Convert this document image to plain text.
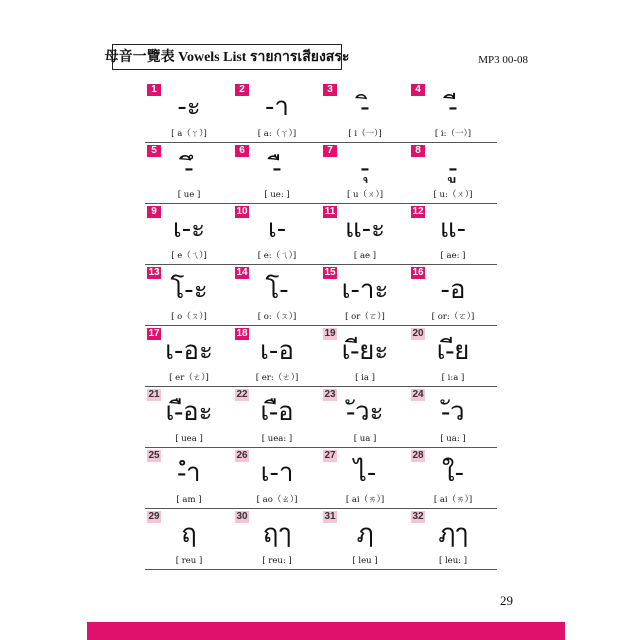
母音一覽表 Vowels List รายการเสียงสระ	MP3 00-08
1
-ะ
[ a（ㄚ）]
2
-า
[ a:（ㄚ）]
3
-ิ
[ i（一）]
4
-ี
[ i:（一）]
5
-ึ
[ ue ]
6
-ื
[ ue: ]
7
-ุ
[ u（ㄨ）]
8
-ู
[ u:（ㄨ）]
9
เ-ะ
[ e（ㄟ）]
10
เ-
[ e:（ㄟ）]
11
แ-ะ
[ ae ]
12
แ-
[ ae: ]
13
โ-ะ
[ o（ㄡ）]
14
โ-
[ o:（ㄡ）]
15
เ-าะ
[ or（ㄛ）]
16
-อ
[ or:（ㄛ）]
17
เ-อะ
[ er（ㄜ）]
18
เ-อ
[ er:（ㄜ）]
19
เ-ียะ
[ ia ]
20
เ-ีย
[ i:a ]
21
เ-ือะ
[ uea ]
22
เ-ือ
[ uea: ]
23
-ัวะ
[ ua ]
24
-ัว
[ ua: ]
25
-ำ
[ am ]
26
เ-า
[ ao（ㄠ）]
27
ไ-
[ ai（ㄞ）]
28
ใ-
[ ai（ㄞ）]
29
ฤ
[ reu ]
30
ฤๅ
[ reu: ]
31
ฦ
[ leu ]
32
ฦๅ
[ leu: ]
29
